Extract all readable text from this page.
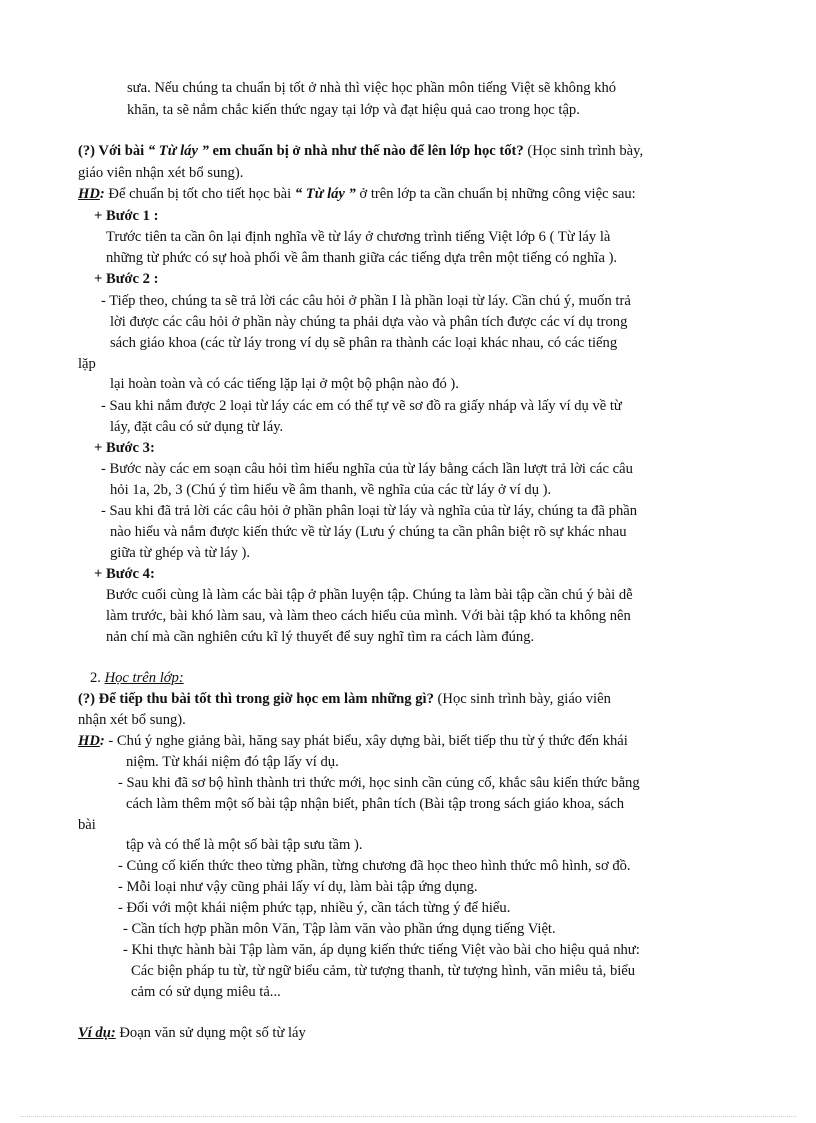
sưa. Nếu chúng ta chuẩn bị tốt ở nhà thì việc học phần môn tiếng Việt sẽ không khó
khăn, ta sẽ nắm chắc kiến thức ngay tại lớp và đạt hiệu quả cao trong học tập.
(?) Với bài “ Từ láy ” em chuẩn bị ở nhà như thế nào để lên lớp học tốt? (Học sinh trình bày,
giáo viên nhận xét bổ sung).
HD: Để chuẩn bị tốt cho tiết học bài “ Từ láy ” ở trên lớp ta cần chuẩn bị những công việc sau:
+ Bước 1 :
Trước tiên ta cần ôn lại định nghĩa về từ láy ở chương trình tiếng Việt lớp 6 ( Từ láy là
những từ phức có sự hoà phối về âm thanh giữa các tiếng dựa trên một tiếng có nghĩa ).
+ Bước 2 :
- Tiếp theo, chúng ta sẽ trả lời các câu hỏi ở phần I là phần loại từ láy. Cần chú ý, muốn trả
lời được các câu hỏi ở phần này chúng ta phải dựa vào và phân tích được các ví dụ trong
sách giáo khoa (các từ láy trong ví dụ sẽ phân ra thành các loại khác nhau, có các tiếng
lặp
lại hoàn toàn và có các tiếng lặp lại ở một bộ phận nào đó ).
- Sau khi nắm được 2 loại từ láy các em có thể tự vẽ sơ đồ ra giấy nháp và lấy ví dụ về từ
láy, đặt câu có sử dụng từ láy.
+ Bước 3:
- Bước này các em soạn câu hỏi tìm hiểu nghĩa của từ láy bằng cách lần lượt trả lời các câu
hỏi 1a, 2b, 3 (Chú ý tìm hiểu về âm thanh, về nghĩa của các từ láy ở ví dụ ).
- Sau khi đã trả lời các câu hỏi ở phần phân loại từ láy và nghĩa của từ láy, chúng ta đã phần
nào hiểu và nắm được kiến thức về từ láy (Lưu ý chúng ta cần phân biệt rõ sự khác nhau
giữa từ ghép và từ láy ).
+ Bước 4:
Bước cuối cùng là làm các bài tập ở phần luyện tập. Chúng ta làm bài tập cần chú ý bài dễ
làm trước, bài khó làm sau, và làm theo cách hiểu của mình. Với bài tập khó ta không nên
nản chí mà cần nghiên cứu kĩ lý thuyết để suy nghĩ tìm ra cách làm đúng.
2. Học trên lớp:
(?) Để tiếp thu bài tốt thì trong giờ học em làm những gì? (Học sinh trình bày, giáo viên
nhận xét bổ sung).
HD: - Chú ý nghe giảng bài, hăng say phát biểu, xây dựng bài, biết tiếp thu từ ý thức đến khái
niệm. Từ khái niệm đó tập lấy ví dụ.
- Sau khi đã sơ bộ hình thành tri thức mới, học sinh cần củng cố, khắc sâu kiến thức bằng
cách làm thêm một số bài tập nhận biết, phân tích (Bài tập trong sách giáo khoa, sách
bài
tập và có thể là một số bài tập sưu tầm ).
- Củng cố kiến thức theo từng phần, từng chương đã học theo hình thức mô hình, sơ đồ.
- Mỗi loại như vậy cũng phải lấy ví dụ, làm bài tập ứng dụng.
- Đối với một khái niệm phức tạp, nhiều ý, cần tách từng ý để hiểu.
- Cần tích hợp phần môn Văn, Tập làm văn vào phần ứng dụng tiếng Việt.
- Khi thực hành bài Tập làm văn, áp dụng kiến thức tiếng Việt vào bài cho hiệu quả như:
Các biện pháp tu từ, từ ngữ biểu cảm, từ tượng thanh, từ tượng hình, văn miêu tả, biểu
cảm có sử dụng miêu tả...
Ví dụ: Đoạn văn sử dụng một số từ láy
